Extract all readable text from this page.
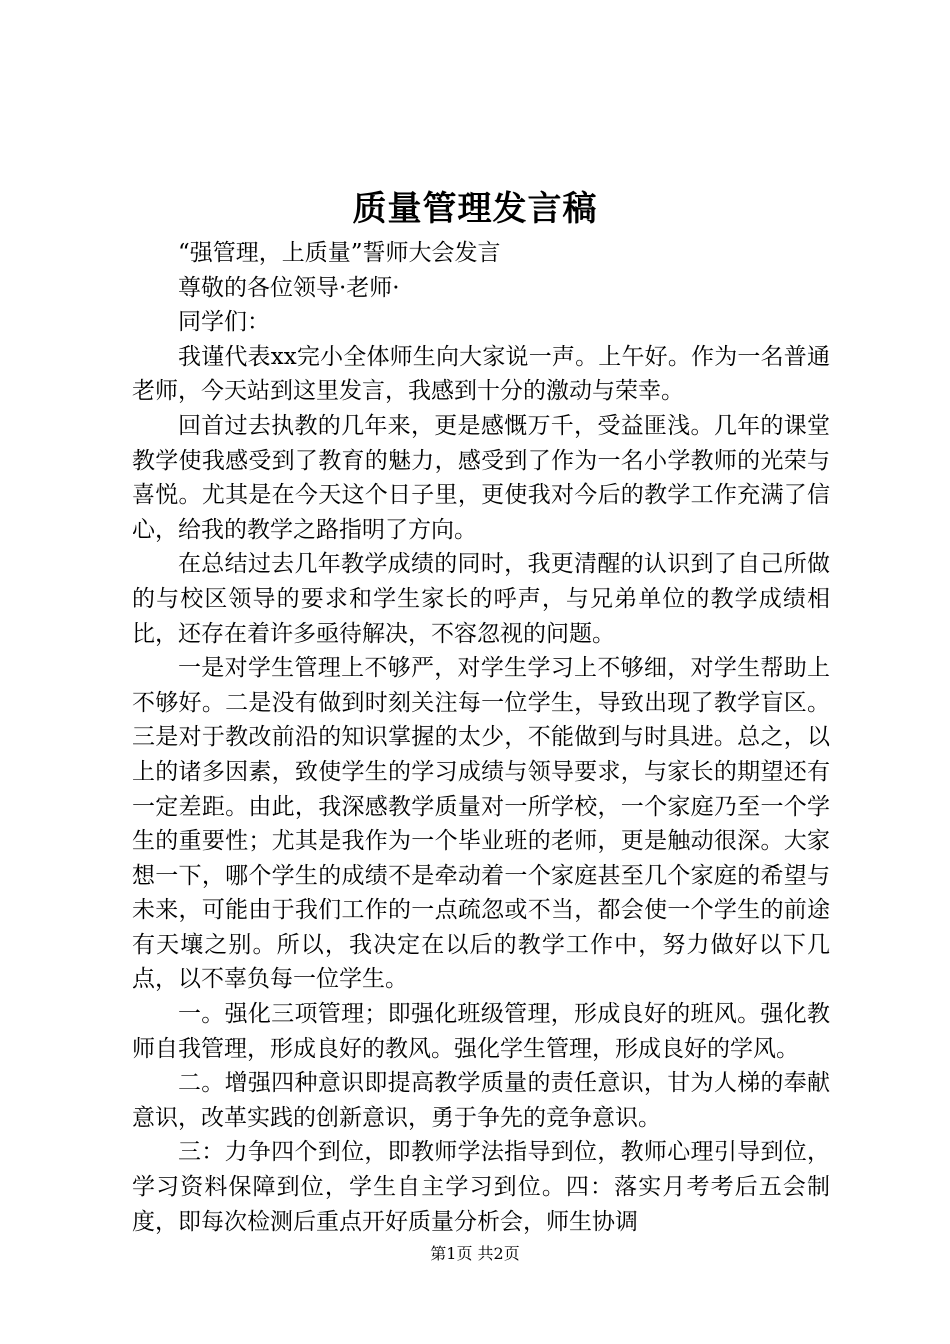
质量管理发言稿

“强管理，上质量”誓师大会发言

尊敬的各位领导·老师·

同学们：

我谨代表xx完小全体师生向大家说一声。上午好。作为一名普通老师，今天站到这里发言，我感到十分的激动与荣幸。

回首过去执教的几年来，更是感慨万千，受益匪浅。几年的课堂教学使我感受到了教育的魅力，感受到了作为一名小学教师的光荣与喜悦。尤其是在今天这个日子里，更使我对今后的教学工作充满了信心，给我的教学之路指明了方向。

在总结过去几年教学成绩的同时，我更清醒的认识到了自己所做的与校区领导的要求和学生家长的呼声，与兄弟单位的教学成绩相比，还存在着许多亟待解决，不容忽视的问题。

一是对学生管理上不够严，对学生学习上不够细，对学生帮助上不够好。二是没有做到时刻关注每一位学生，导致出现了教学盲区。三是对于教改前沿的知识掌握的太少，不能做到与时具进。总之，以上的诸多因素，致使学生的学习成绩与领导要求，与家长的期望还有一定差距。由此，我深感教学质量对一所学校，一个家庭乃至一个学生的重要性；尤其是我作为一个毕业班的老师，更是触动很深。大家想一下，哪个学生的成绩不是牵动着一个家庭甚至几个家庭的希望与未来，可能由于我们工作的一点疏忽或不当，都会使一个学生的前途有天壤之别。所以，我决定在以后的教学工作中，努力做好以下几点，以不辜负每一位学生。

一。强化三项管理；即强化班级管理，形成良好的班风。强化教师自我管理，形成良好的教风。强化学生管理，形成良好的学风。

二。增强四种意识即提高教学质量的责任意识，甘为人梯的奉献意识，改革实践的创新意识，勇于争先的竞争意识。

三：力争四个到位，即教师学法指导到位，教师心理引导到位，学习资料保障到位，学生自主学习到位。四：落实月考考后五会制度，即每次检测后重点开好质量分析会，师生协调

第1页 共2页
